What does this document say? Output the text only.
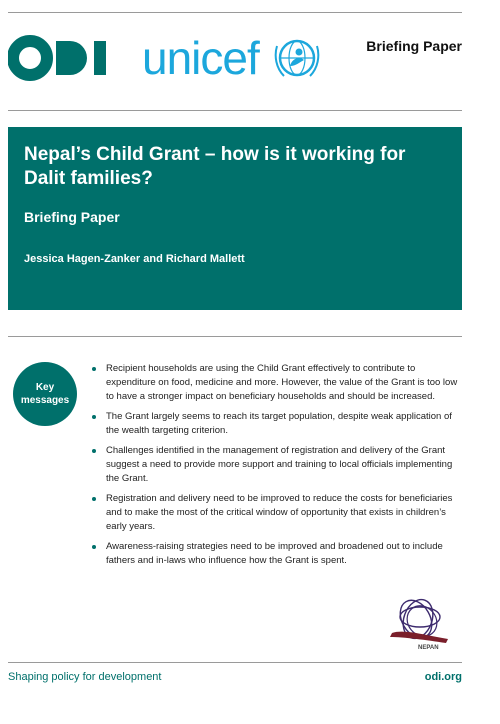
unicef	Briefing Paper
Nepal’s Child Grant – how is it working for Dalit families?
Briefing Paper
Jessica Hagen-Zanker and Richard Mallett
Key
messages
Recipient households are using the Child Grant effectively to contribute to expenditure on food, medicine and more. However, the value of the Grant is too low to have a stronger impact on beneficiary households and should be increased.
The Grant largely seems to reach its target population, despite weak application of the wealth targeting criterion.
Challenges identified in the management of registration and delivery of the Grant suggest a need to provide more support and training to local officials implementing the Grant.
Registration and delivery need to be improved to reduce the costs for beneficiaries and to make the most of the critical window of opportunity that exists in children’s early years.
Awareness-raising strategies need to be improved and broadened out to include fathers and in-laws who influence how the Grant is spent.
NEPAN
Shaping policy for development	odi.org
